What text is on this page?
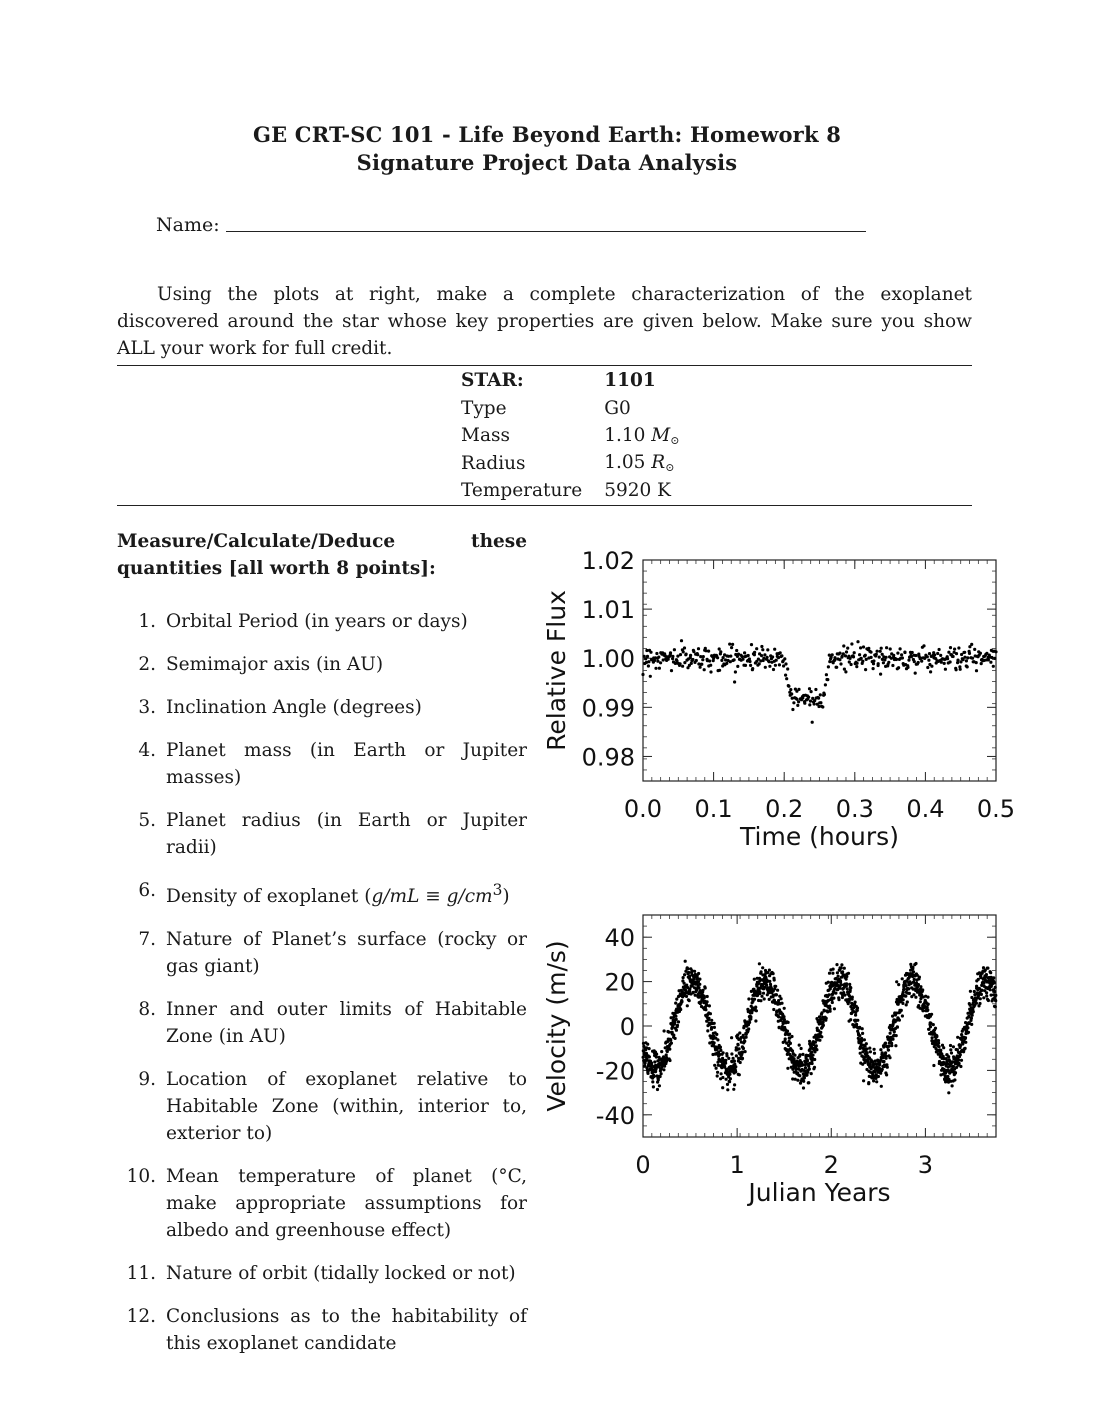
GE CRT-SC 101 - Life Beyond Earth: Homework 8
Signature Project Data Analysis
Name:
Using the plots at right, make a complete characterization of the exoplanet discovered around the star whose key properties are given below. Make sure you show ALL your work for full credit.
STAR:	1101
Type	G0
Mass	1.10 $M_⊙$
Radius	1.05 $R_⊙$
Temperature	5920 K
Measure/Calculate/Deduce these quantities [all worth 8 points]:
1. Orbital Period (in years or days)
2. Semimajor axis (in AU)
3. Inclination Angle (degrees)
4. Planet mass (in Earth or Jupiter masses)
5. Planet radius (in Earth or Jupiter radii)
6. Density of exoplanet $(g/mL \equiv g/cm^3)$
7. Nature of Planet’s surface (rocky or gas giant)
8. Inner and outer limits of Habitable Zone (in AU)
9. Location of exoplanet relative to Habitable Zone (within, interior to, exterior to)
10. Mean temperature of planet (°C, make appropriate assumptions for albedo and greenhouse effect)
11. Nature of orbit (tidally locked or not)
12. Conclusions as to the habitability of this exoplanet candidate
0.0 0.1 0.2 0.3 0.4 0.5
0.98
0.99
1.00
1.01
1.02
Time (hours)
Relative Flux
0	1	2	3
40
20
0
-20
-40
Julian Years
Velocity (m/s)
